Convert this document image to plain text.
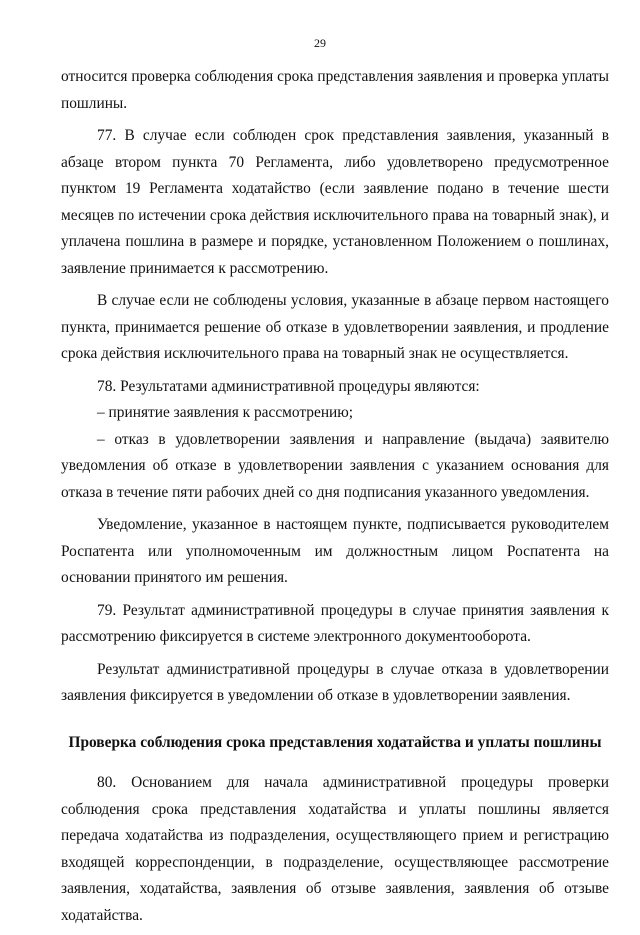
29

относится проверка соблюдения срока представления заявления и проверка уплаты пошлины.

77. В случае если соблюден срок представления заявления, указанный в абзаце втором пункта 70 Регламента, либо удовлетворено предусмотренное пунктом 19 Регламента ходатайство (если заявление подано в течение шести месяцев по истечении срока действия исключительного права на товарный знак), и уплачена пошлина в размере и порядке, установленном Положением о пошлинах, заявление принимается к рассмотрению.

В случае если не соблюдены условия, указанные в абзаце первом настоящего пункта, принимается решение об отказе в удовлетворении заявления, и продление срока действия исключительного права на товарный знак не осуществляется.

78. Результатами административной процедуры являются:

– принятие заявления к рассмотрению;

– отказ в удовлетворении заявления и направление (выдача) заявителю уведомления об отказе в удовлетворении заявления с указанием основания для отказа в течение пяти рабочих дней со дня подписания указанного уведомления.

Уведомление, указанное в настоящем пункте, подписывается руководителем Роспатента или уполномоченным им должностным лицом Роспатента на основании принятого им решения.

79. Результат административной процедуры в случае принятия заявления к рассмотрению фиксируется в системе электронного документооборота.

Результат административной процедуры в случае отказа в удовлетворении заявления фиксируется в уведомлении об отказе в удовлетворении заявления.

Проверка соблюдения срока представления ходатайства и уплаты пошлины

80. Основанием для начала административной процедуры проверки соблюдения срока представления ходатайства и уплаты пошлины является передача ходатайства из подразделения, осуществляющего прием и регистрацию входящей корреспонденции, в подразделение, осуществляющее рассмотрение заявления, ходатайства, заявления об отзыве заявления, заявления об отзыве ходатайства.
